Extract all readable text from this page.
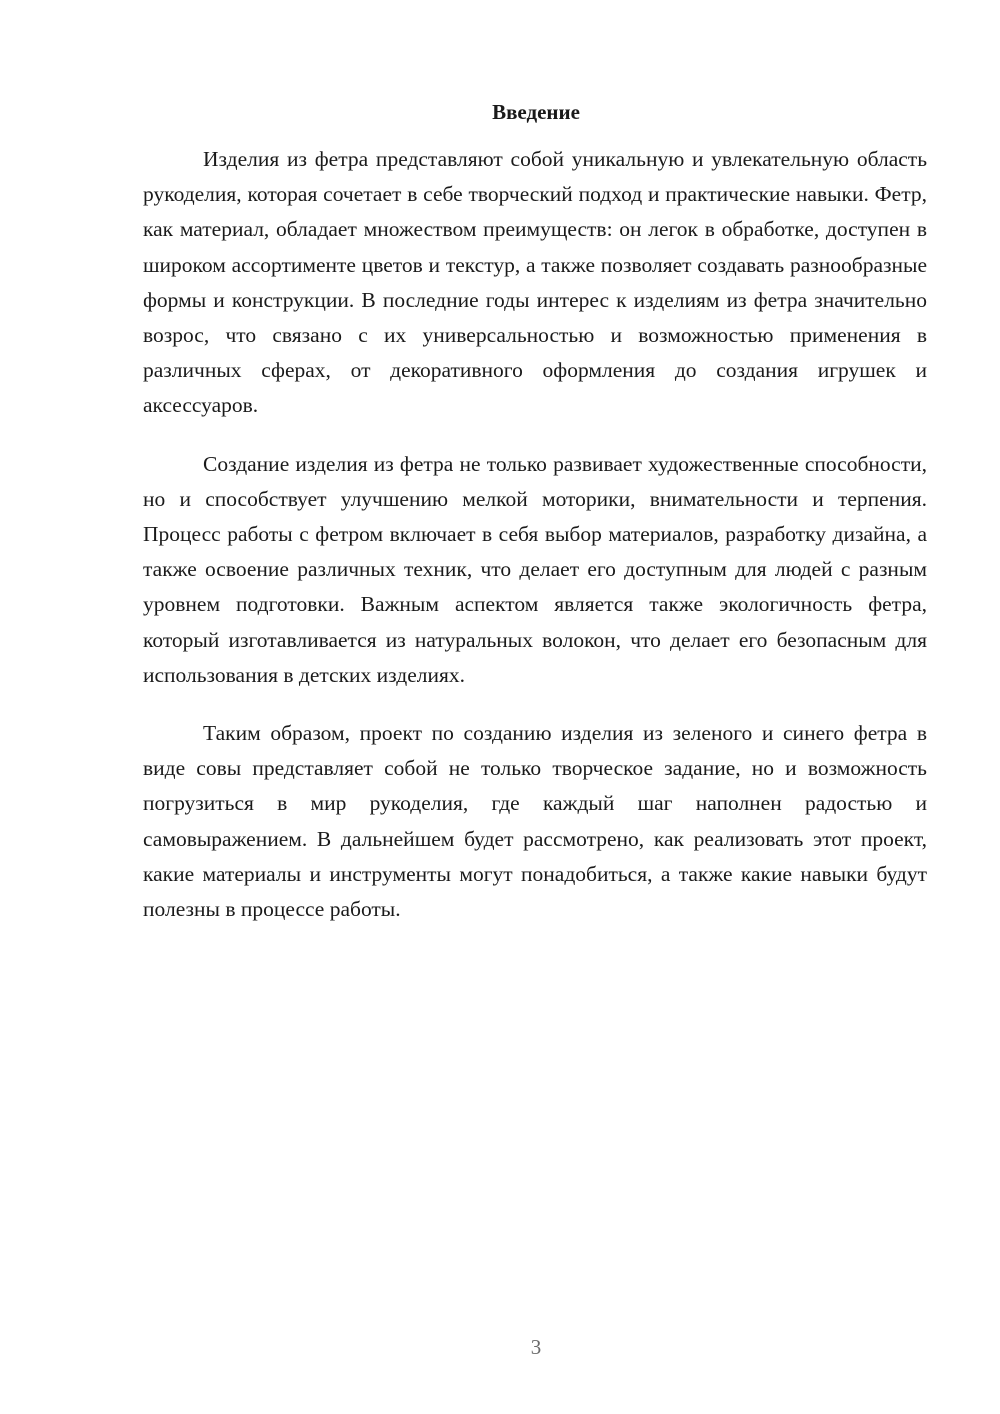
Введение

Изделия из фетра представляют собой уникальную и увлекательную область рукоделия, которая сочетает в себе творческий подход и практические навыки. Фетр, как материал, обладает множеством преимуществ: он легок в обработке, доступен в широком ассортименте цветов и текстур, а также позволяет создавать разнообразные формы и конструкции. В последние годы интерес к изделиям из фетра значительно возрос, что связано с их универсальностью и возможностью применения в различных сферах, от декоративного оформления до создания игрушек и аксессуаров.

Создание изделия из фетра не только развивает художественные способности, но и способствует улучшению мелкой моторики, внимательности и терпения. Процесс работы с фетром включает в себя выбор материалов, разработку дизайна, а также освоение различных техник, что делает его доступным для людей с разным уровнем подготовки. Важным аспектом является также экологичность фетра, который изготавливается из натуральных волокон, что делает его безопасным для использования в детских изделиях.

Таким образом, проект по созданию изделия из зеленого и синего фетра в виде совы представляет собой не только творческое задание, но и возможность погрузиться в мир рукоделия, где каждый шаг наполнен радостью и самовыражением. В дальнейшем будет рассмотрено, как реализовать этот проект, какие материалы и инструменты могут понадобиться, а также какие навыки будут полезны в процессе работы.

3
